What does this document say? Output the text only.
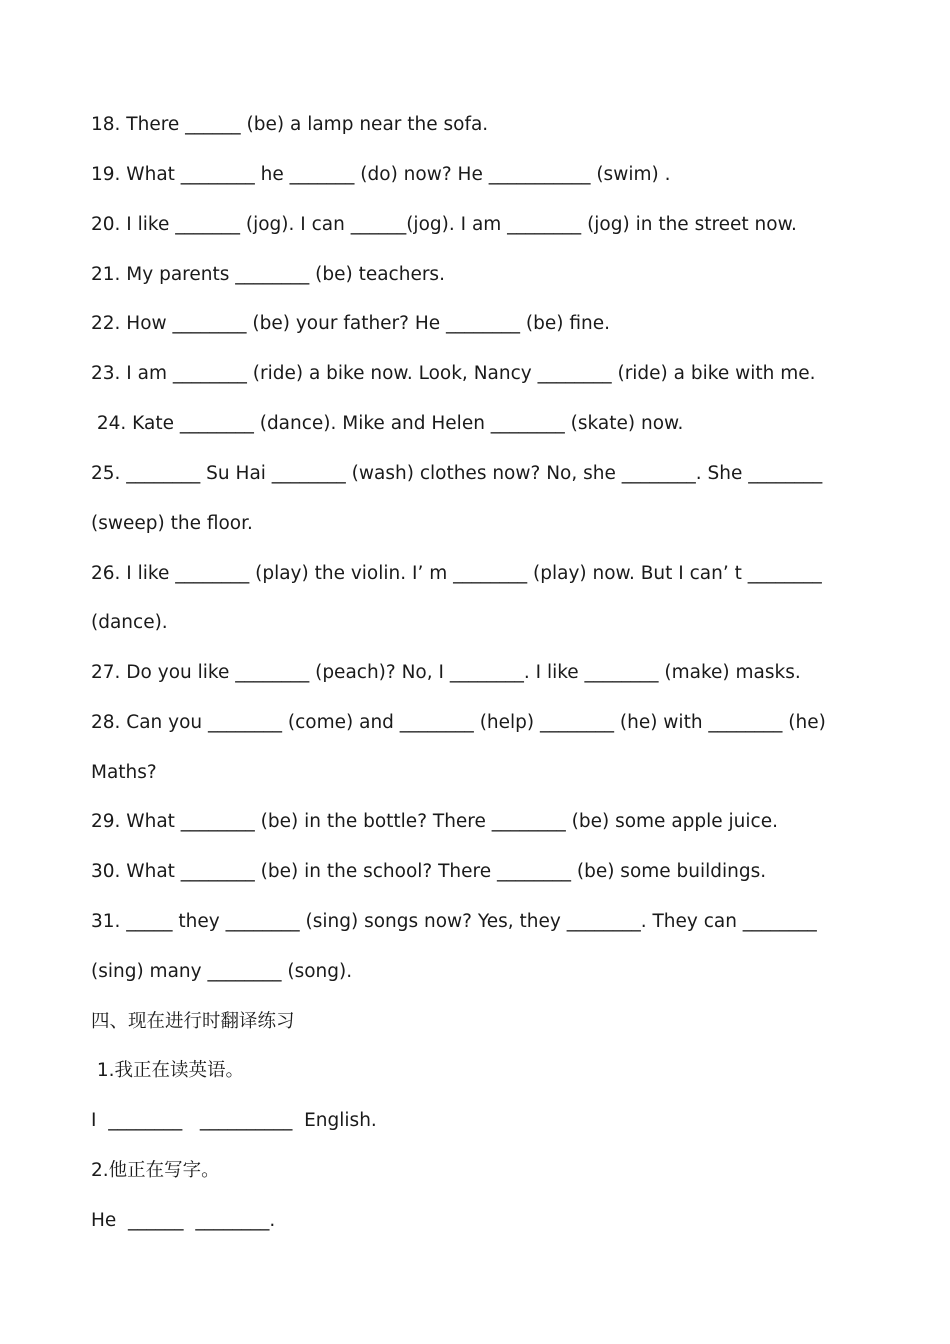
18. There ______ (be) a lamp near the sofa.
19. What ________ he _______ (do) now? He ___________ (swim) .
20. I like _______ (jog). I can ______(jog). I am ________ (jog) in the street now.
21. My parents ________ (be) teachers.
22. How ________ (be) your father? He ________ (be) fine.
23. I am ________ (ride) a bike now. Look, Nancy ________ (ride) a bike with me.
24. Kate ________ (dance). Mike and Helen ________ (skate) now.
25. ________ Su Hai ________ (wash) clothes now? No, she ________. She ________
(sweep) the floor.
26. I like ________ (play) the violin. I’ m ________ (play) now. But I can’ t ________
(dance).
27. Do you like ________ (peach)? No, I ________. I like ________ (make) masks.
28. Can you ________ (come) and ________ (help) ________ (he) with ________ (he)
Maths?
29. What ________ (be) in the bottle? There ________ (be) some apple juice.
30. What ________ (be) in the school? There ________ (be) some buildings.
31. _____ they ________ (sing) songs now? Yes, they ________. They can ________
(sing) many ________ (song).
四、现在进行时翻译练习
1.我正在读英语。
I  ________   __________  English.
2.他正在写字。
He  ______  ________.
